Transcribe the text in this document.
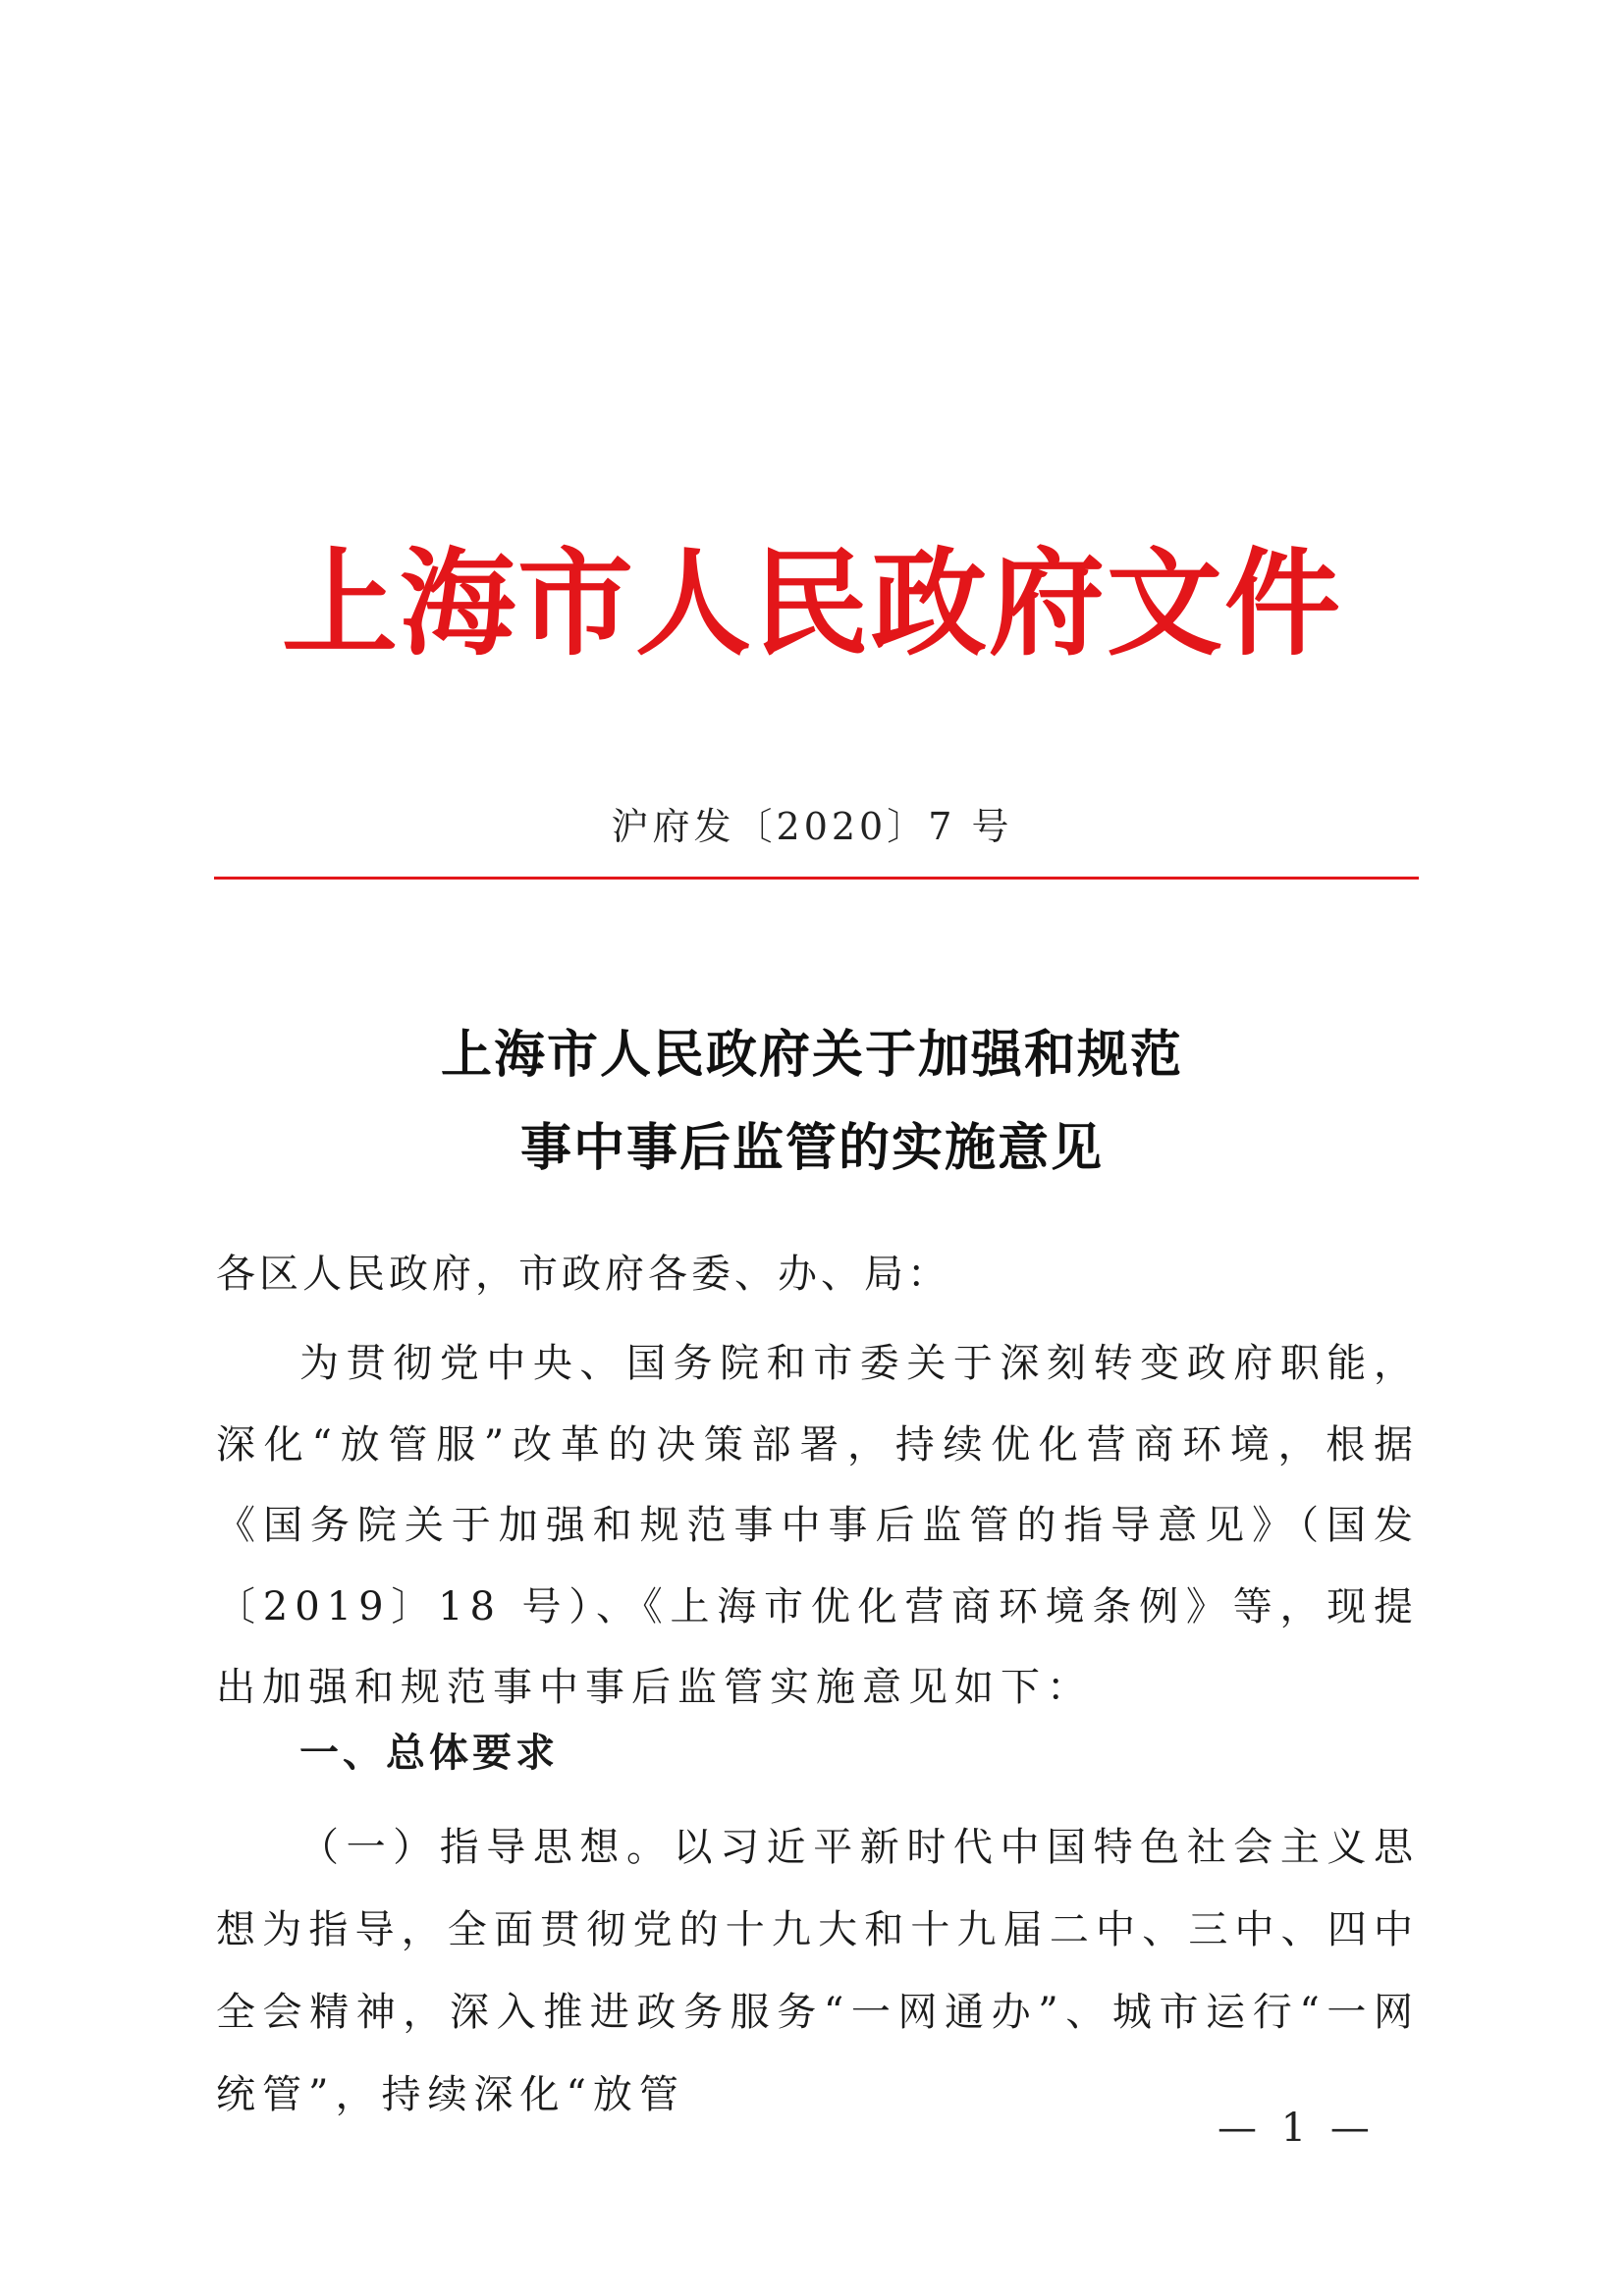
上海市人民政府文件
沪府发〔2020〕7 号
上海市人民政府关于加强和规范
事中事后监管的实施意见
各区人民政府，市政府各委、办、局：
为贯彻党中央、国务院和市委关于深刻转变政府职能，深化“放管服”改革的决策部署，持续优化营商环境，根据《国务院关于加强和规范事中事后监管的指导意见》（国发〔2019〕18 号）、《上海市优化营商环境条例》等，现提出加强和规范事中事后监管实施意见如下：
一、总体要求
（一）指导思想。以习近平新时代中国特色社会主义思想为指导，全面贯彻党的十九大和十九届二中、三中、四中全会精神，深入推进政务服务“一网通办”、城市运行“一网统管”，持续深化“放管
— 1 —
